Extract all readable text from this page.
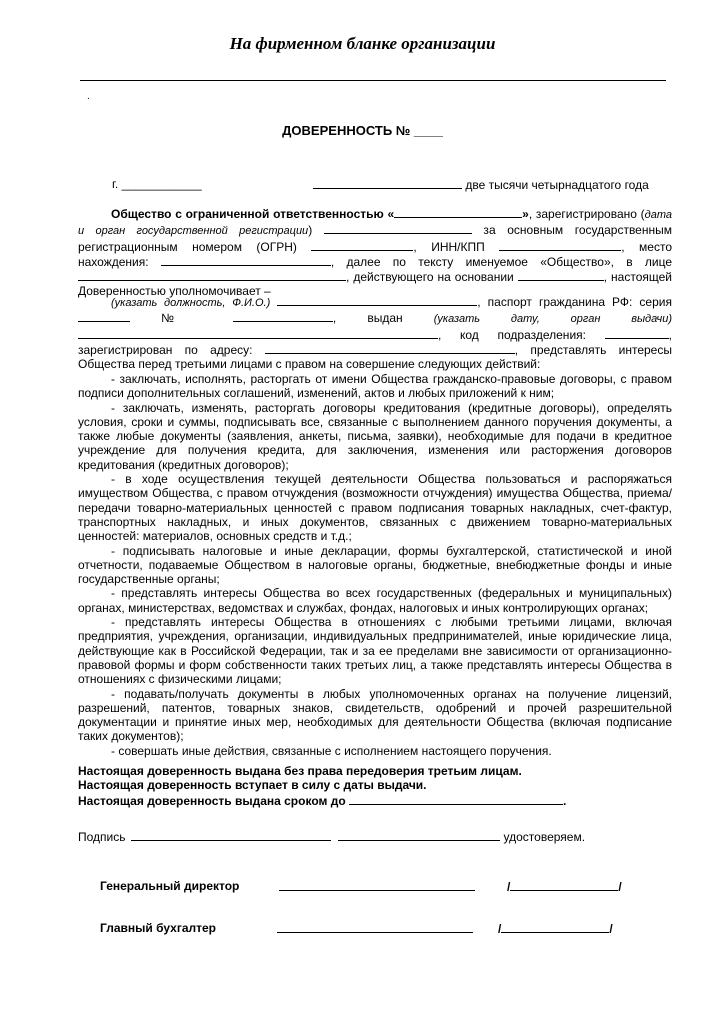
На фирменном бланке организации
.
ДОВЕРЕННОСТЬ № ____
г. ____________	две тысячи четырнадцатого года

Общество с ограниченной ответственностью «	», зарегистрировано (дата и орган государственной регистрации)	за основным государственным регистрационным номером (ОГРН)	, ИНН/КПП	, место нахождения:	, далее по тексту именуемое «Общество», в лице , действующего на основании	, настоящей Доверенностью уполномочивает –

(указать должность, Ф.И.О.)	, паспорт гражданина РФ: серия  №	, выдан (указать дату, орган выдачи) , код подразделения:	, зарегистрирован по адресу:	, представлять интересы Общества перед третьими лицами с правом на совершение следующих действий:

- заключать, исполнять, расторгать от имени Общества гражданско-правовые договоры, с правом подписи дополнительных соглашений, изменений, актов и любых приложений к ним;

- заключать, изменять, расторгать договоры кредитования (кредитные договоры), определять условия, сроки и суммы, подписывать все, связанные с выполнением данного поручения документы, а также любые документы (заявления, анкеты, письма, заявки), необходимые для подачи в кредитное учреждение для получения кредита, для заключения, изменения или расторжения договоров кредитования (кредитных договоров);

- в ходе осуществления текущей деятельности Общества пользоваться и распоряжаться имуществом Общества, с правом отчуждения (возможности отчуждения) имущества Общества, приема/передачи товарно-материальных ценностей с правом подписания товарных накладных, счет-фактур, транспортных накладных, и иных документов, связанных с движением товарно-материальных ценностей: материалов, основных средств и т.д.;

- подписывать налоговые и иные декларации, формы бухгалтерской, статистической и иной отчетности, подаваемые Обществом в налоговые органы, бюджетные, внебюджетные фонды и иные государственные органы;

- представлять интересы Общества во всех государственных (федеральных и муниципальных) органах, министерствах, ведомствах и службах, фондах, налоговых и иных контролирующих органах;

- представлять интересы Общества в отношениях с любыми третьими лицами, включая предприятия, учреждения, организации, индивидуальных предпринимателей, иные юридические лица, действующие как в Российской Федерации, так и за ее пределами вне зависимости от организационно-правовой формы и форм собственности таких третьих лиц, а также представлять интересы Общества в отношениях с физическими лицами;

- подавать/получать документы в любых уполномоченных органах на получение лицензий, разрешений, патентов, товарных знаков, свидетельств, одобрений и прочей разрешительной документации и принятие иных мер, необходимых для деятельности Общества (включая подписание таких документов);

- совершать иные действия, связанные с исполнением настоящего поручения.

Настоящая доверенность выдана без права передоверия третьим лицам.

Настоящая доверенность вступает в силу с даты выдачи.

Настоящая доверенность выдана сроком до	.

Подпись	удостоверяем.
Генеральный директор	/	/
Главный бухгалтер	/	/
